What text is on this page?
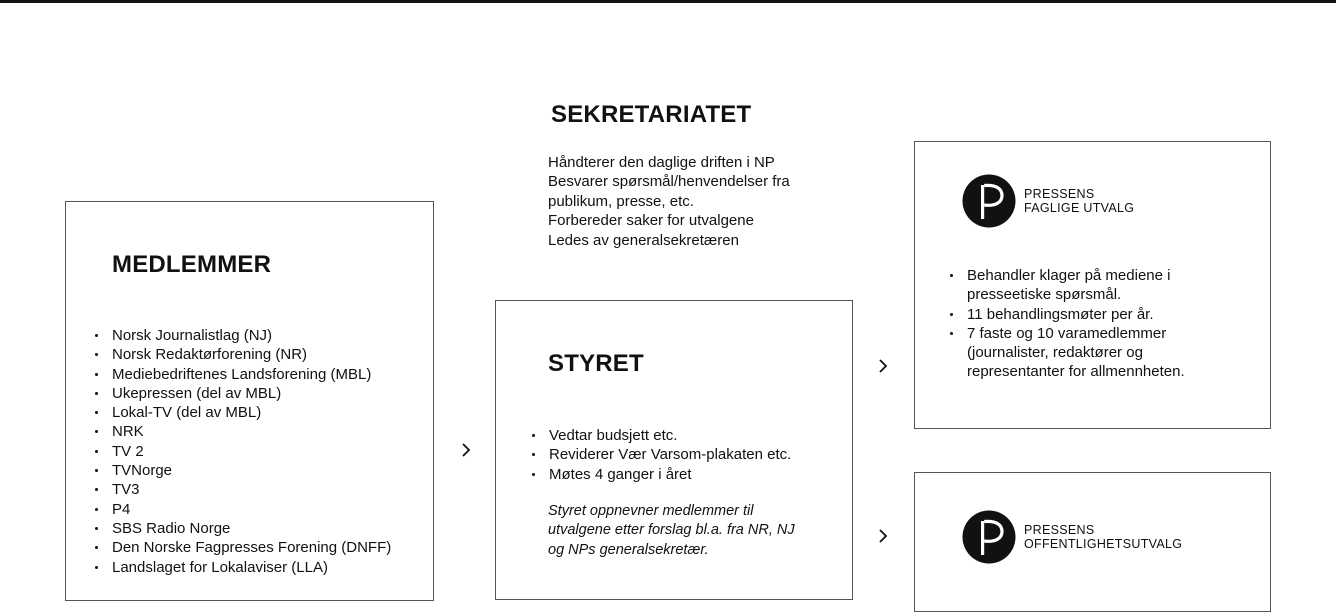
SEKRETARIATET
Håndterer den daglige driften i NP
Besvarer spørsmål/henvendelser fra
publikum, presse, etc.
Forbereder saker for utvalgene
Ledes av generalsekretæren
MEDLEMMER
Norsk Journalistlag (NJ)
Norsk Redaktørforening (NR)
Mediebedriftenes Landsforening (MBL)
Ukepressen (del av MBL)
Lokal-TV (del av MBL)
NRK
TV 2
TVNorge
TV3
P4
SBS Radio Norge
Den Norske Fagpresses Forening (DNFF)
Landslaget for Lokalaviser (LLA)
STYRET
Vedtar budsjett etc.
Reviderer Vær Varsom-plakaten etc.
Møtes 4 ganger i året
Styret oppnevner medlemmer til
utvalgene etter forslag bl.a. fra NR, NJ
og NPs generalsekretær.
PRESSENS
FAGLIGE UTVALG
Behandler klager på mediene i presseetiske spørsmål.
11 behandlingsmøter per år.
7 faste og 10 varamedlemmer (journalister, redaktører og representanter for allmennheten.
PRESSENS
OFFENTLIGHETSUTVALG
